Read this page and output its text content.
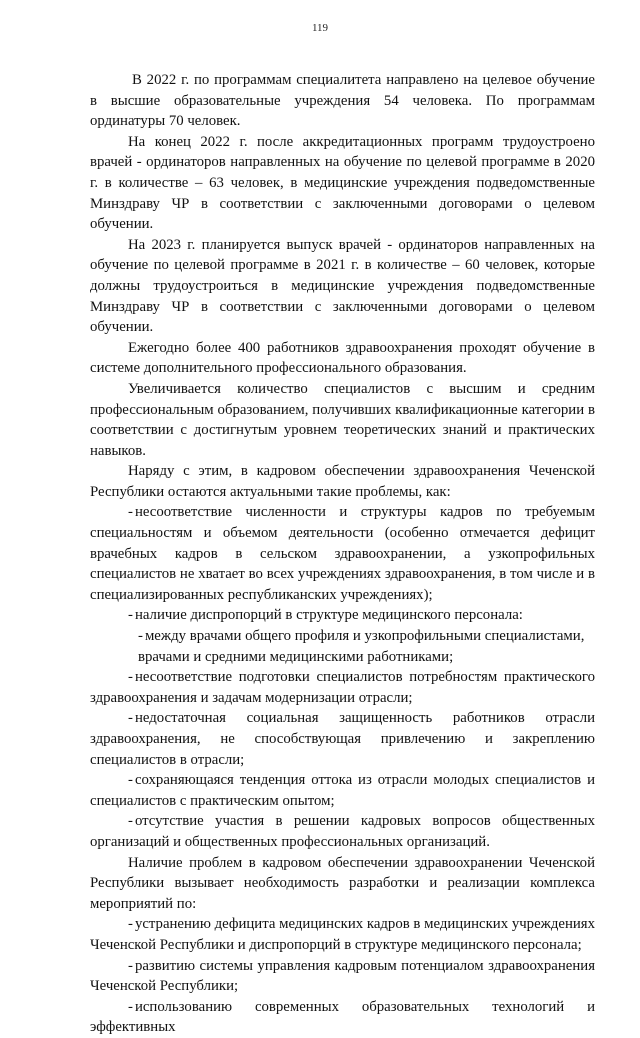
119

В 2022 г. по программам специалитета направлено на целевое обучение в высшие образовательные учреждения 54 человека. По программам ординатуры 70 человек.

На конец 2022 г. после аккредитационных программ трудоустроено врачей - ординаторов направленных на обучение по целевой программе в 2020 г. в количестве – 63 человек, в медицинские учреждения подведомственные Минздраву ЧР в соответствии с заключенными договорами о целевом обучении.

На 2023 г. планируется выпуск врачей - ординаторов направленных на обучение по целевой программе в 2021 г. в количестве – 60 человек, которые должны трудоустроиться в медицинские учреждения подведомственные Минздраву ЧР в соответствии с заключенными договорами о целевом обучении.

Ежегодно более 400 работников здравоохранения проходят обучение в системе дополнительного профессионального образования.

Увеличивается количество специалистов с высшим и средним профессиональным образованием, получивших квалификационные категории в соответствии с достигнутым уровнем теоретических знаний и практических навыков.

Наряду с этим, в кадровом обеспечении здравоохранения Чеченской Республики остаются актуальными такие проблемы, как:

- несоответствие численности и структуры кадров по требуемым специальностям и объемом деятельности (особенно отмечается дефицит врачебных кадров в сельском здравоохранении, а узкопрофильных специалистов не хватает во всех учреждениях здравоохранения, в том числе и в специализированных республиканских учреждениях);

- наличие диспропорций в структуре медицинского персонала:

- между врачами общего профиля и узкопрофильными специалистами,

врачами и средними медицинскими работниками;

- несоответствие подготовки специалистов потребностям практического здравоохранения и задачам модернизации отрасли;

- недостаточная социальная защищенность работников отрасли здравоохранения, не способствующая привлечению и закреплению специалистов в отрасли;

- сохраняющаяся тенденция оттока из отрасли молодых специалистов и специалистов с практическим опытом;

- отсутствие участия в решении кадровых вопросов общественных организаций и общественных профессиональных организаций.

Наличие проблем в кадровом обеспечении здравоохранении Чеченской Республики вызывает необходимость разработки и реализации комплекса мероприятий по:

- устранению дефицита медицинских кадров в медицинских учреждениях Чеченской Республики и диспропорций в структуре медицинского персонала;

- развитию системы управления кадровым потенциалом здравоохранения Чеченской Республики;

- использованию современных образовательных технологий и эффективных
